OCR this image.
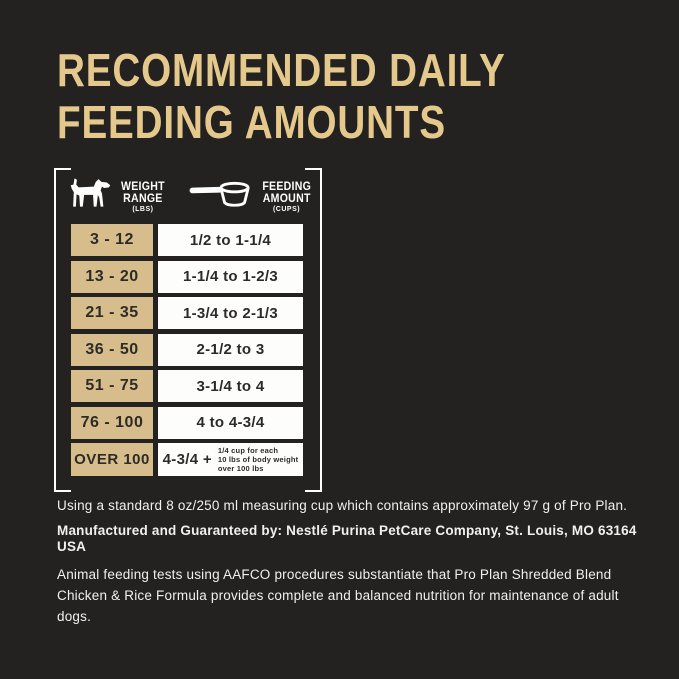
RECOMMENDED DAILY
FEEDING AMOUNTS
WEIGHT
RANGE
(LBS)
FEEDING
AMOUNT
(CUPS)
3 - 12	1/2 to 1-1/4
13 - 20	1-1/4 to 1-2/3
21 - 35	1-3/4 to 2-1/3
36 - 50	2-1/2 to 3
51 - 75	3-1/4 to 4
76 - 100	4 to 4-3/4
OVER 100 4-3/4 +
1/4 cup for each
10 lbs of body weight
over 100 lbs

Using a standard 8 oz/250 ml measuring cup which contains approximately 97 g of Pro Plan.

Manufactured and Guaranteed by: Nestlé Purina PetCare Company, St. Louis, MO 63164 USA

Animal feeding tests using AAFCO procedures substantiate that Pro Plan Shredded Blend Chicken & Rice Formula provides complete and balanced nutrition for maintenance of adult dogs.
